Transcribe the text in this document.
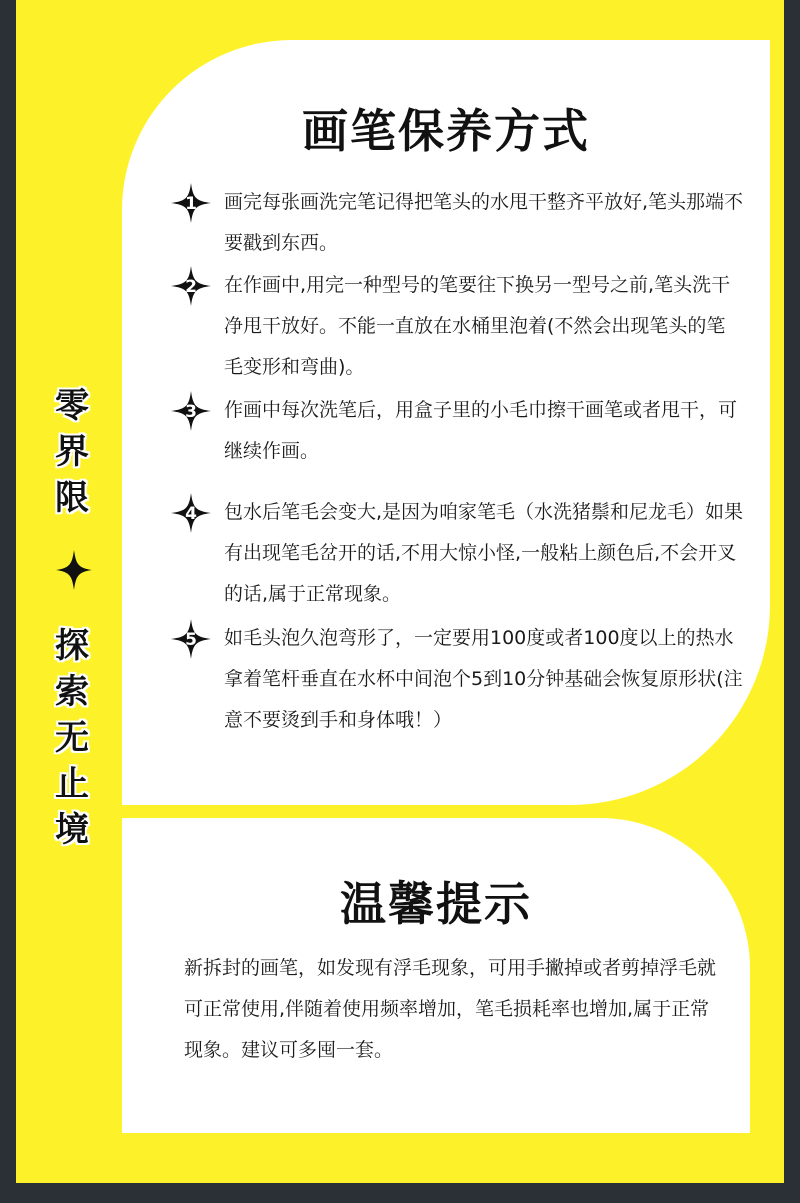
零
界
限
探
索
无
止
境
画笔保养方式
1 画完每张画洗完笔记得把笔头的水甩干整齐平放好,笔头那端不要戳到东西。
2 在作画中,用完一种型号的笔要往下换另一型号之前,笔头洗干净甩干放好。不能一直放在水桶里泡着(不然会出现笔头的笔毛变形和弯曲)。
3 作画中每次洗笔后，用盒子里的小毛巾擦干画笔或者甩干，可继续作画。
4 包水后笔毛会变大,是因为咱家笔毛（水洗猪鬃和尼龙毛）如果有出现笔毛岔开的话,不用大惊小怪,一般粘上颜色后,不会开叉的话,属于正常现象。
5 如毛头泡久泡弯形了，一定要用100度或者100度以上的热水拿着笔杆垂直在水杯中间泡个5到10分钟基础会恢复原形状(注意不要烫到手和身体哦！）
温馨提示
新拆封的画笔，如发现有浮毛现象，可用手撇掉或者剪掉浮毛就可正常使用,伴随着使用频率增加，笔毛损耗率也增加,属于正常现象。建议可多囤一套。
